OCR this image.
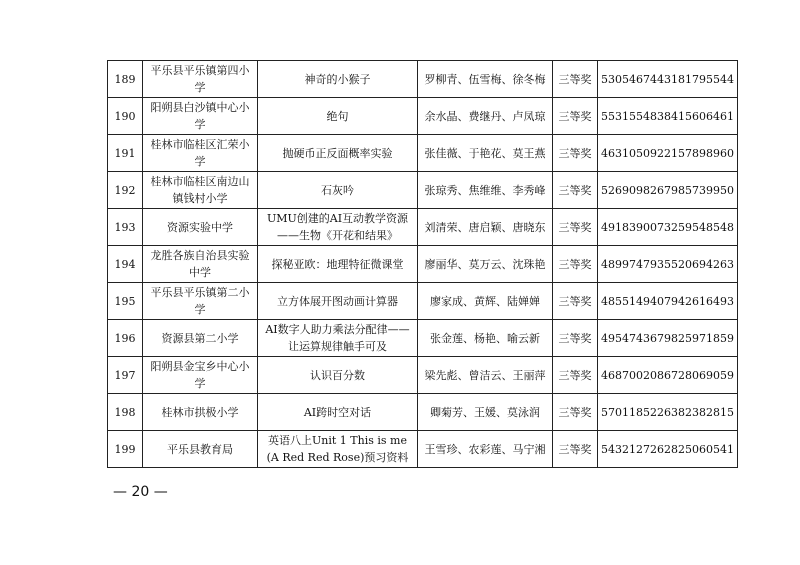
189	平乐县平乐镇第四小学	神奇的小猴子	罗柳青、伍雪梅、徐冬梅	三等奖	5305467443181795544
190	阳朔县白沙镇中心小学	绝句	余水晶、费继丹、卢凤琼	三等奖	5531554838415606461
191	桂林市临桂区汇荣小学	抛硬币正反面概率实验	张佳薇、于艳花、莫王燕	三等奖	4631050922157898960
192	桂林市临桂区南边山镇钱村小学	石灰吟	张琼秀、焦维维、李秀峰	三等奖	5269098267985739950
193	资源实验中学	UMU创建的AI互动教学资源——生物《开花和结果》	刘清荣、唐启颖、唐晓东	三等奖	4918390073259548548
194	龙胜各族自治县实验中学	探秘亚欧：地理特征微课堂	廖丽华、莫万云、沈珠艳	三等奖	4899747935520694263
195	平乐县平乐镇第二小学	立方体展开图动画计算器	廖家成、黄辉、陆婵婵	三等奖	4855149407942616493
196	资源县第二小学	AI数字人助力乘法分配律——让运算规律触手可及	张金莲、杨艳、喻云新	三等奖	4954743679825971859
197	阳朔县金宝乡中心小学	认识百分数	梁先彪、曾洁云、王丽萍	三等奖	4687002086728069059
198	桂林市拱极小学	AI跨时空对话	卿菊芳、王媛、莫泳润	三等奖	5701185226382382815
199	平乐县教育局	英语八上Unit 1 This is me (A Red Red Rose)预习资料	王雪珍、农彩莲、马宁湘	三等奖	5432127262825060541
— 20 —
